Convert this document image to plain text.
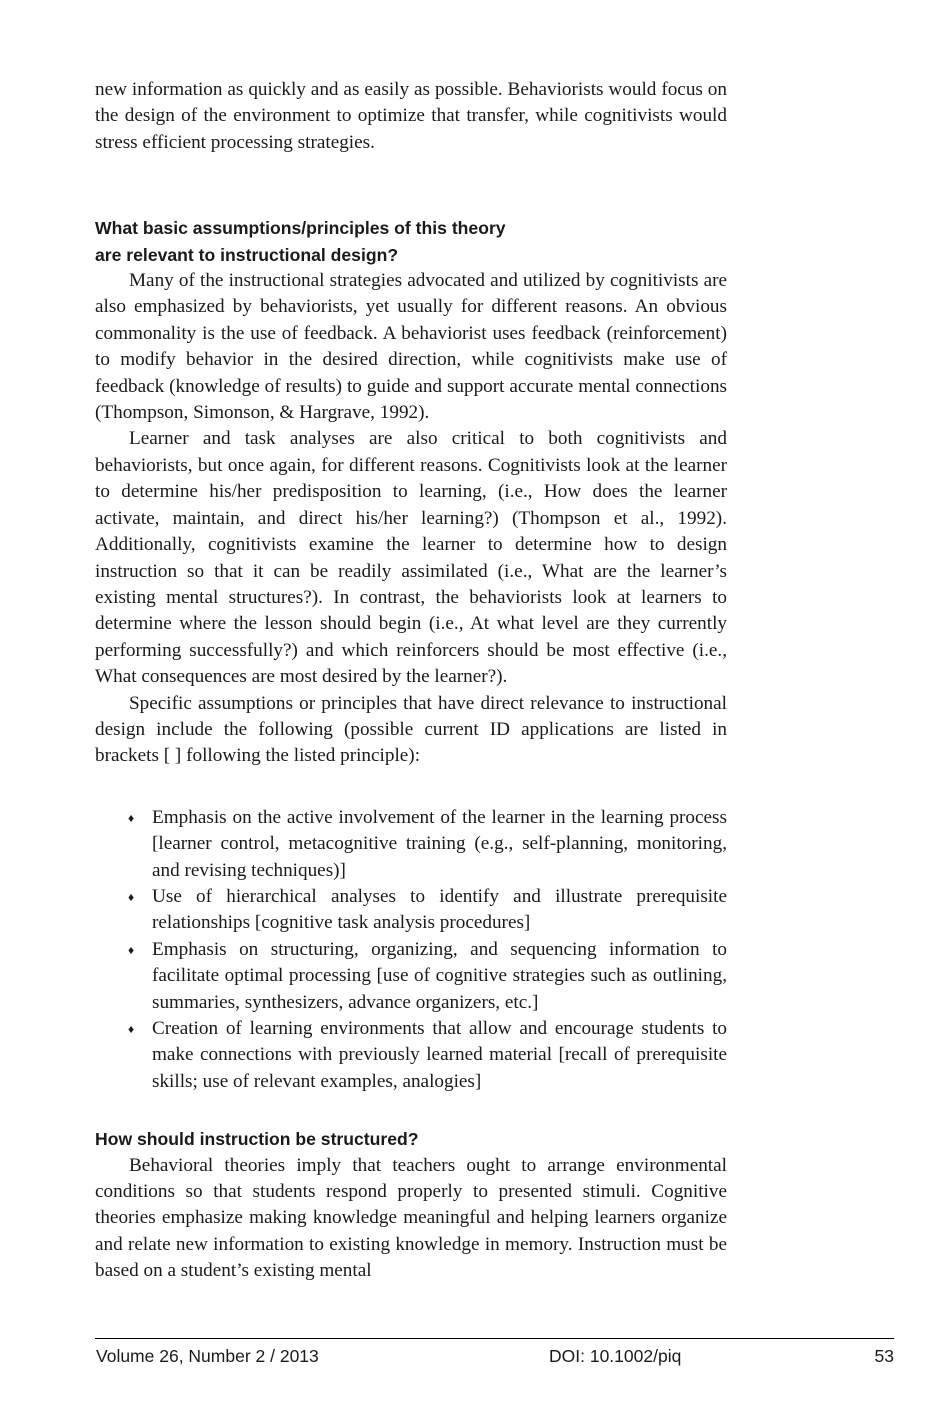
new information as quickly and as easily as possible. Behaviorists would focus on the design of the environment to optimize that transfer, while cognitivists would stress efficient processing strategies.

What basic assumptions/principles of this theory
are relevant to instructional design?

Many of the instructional strategies advocated and utilized by cognitivists are also emphasized by behaviorists, yet usually for different reasons. An obvious commonality is the use of feedback. A behaviorist uses feedback (reinforcement) to modify behavior in the desired direction, while cognitivists make use of feedback (knowledge of results) to guide and support accurate mental connections (Thompson, Simonson, & Hargrave, 1992).

Learner and task analyses are also critical to both cognitivists and behaviorists, but once again, for different reasons. Cognitivists look at the learner to determine his/her predisposition to learning, (i.e., How does the learner activate, maintain, and direct his/her learning?) (Thompson et al., 1992). Additionally, cognitivists examine the learner to determine how to design instruction so that it can be readily assimilated (i.e., What are the learner’s existing mental structures?). In contrast, the behaviorists look at learners to determine where the lesson should begin (i.e., At what level are they currently performing successfully?) and which reinforcers should be most effective (i.e., What consequences are most desired by the learner?).

Specific assumptions or principles that have direct relevance to instructional design include the following (possible current ID applications are listed in brackets [ ] following the listed principle):

♦ Emphasis on the active involvement of the learner in the learning process [learner control, metacognitive training (e.g., self-planning, monitoring, and revising techniques)]
♦ Use of hierarchical analyses to identify and illustrate prerequisite relationships [cognitive task analysis procedures]
♦ Emphasis on structuring, organizing, and sequencing information to facilitate optimal processing [use of cognitive strategies such as outlining, summaries, synthesizers, advance organizers, etc.]
♦ Creation of learning environments that allow and encourage students to make connections with previously learned material [recall of prerequisite skills; use of relevant examples, analogies]
How should instruction be structured?

Behavioral theories imply that teachers ought to arrange environmental conditions so that students respond properly to presented stimuli. Cognitive theories emphasize making knowledge meaningful and helping learners organize and relate new information to existing knowledge in memory. Instruction must be based on a student’s existing mental

Volume 26, Number 2 / 2013	DOI: 10.1002/piq	53
